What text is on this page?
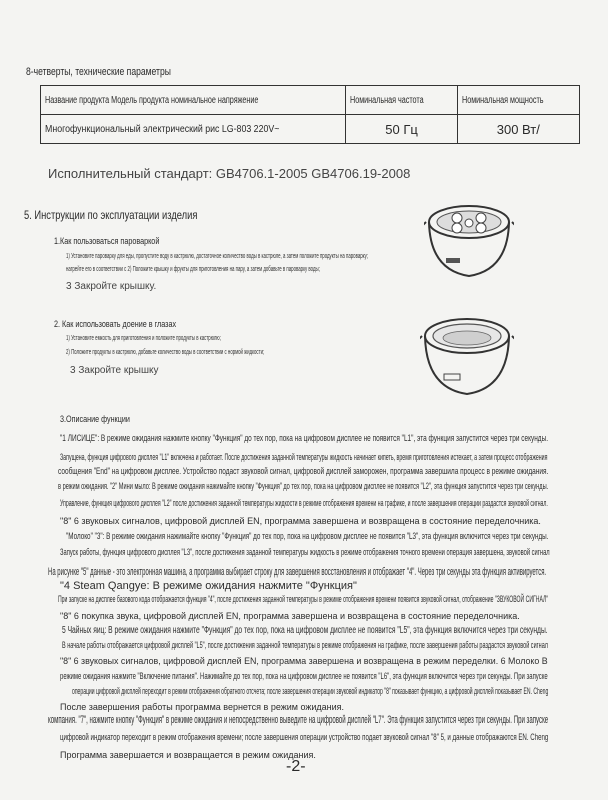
8-четверты, технические параметры
Название продукта Модель продукта номинальное напряжение	Номинальная частота	Номинальная мощность
Многофункциональный электрический рис LG-803 220V~	50 Гц	300 Вт/
Исполнительный стандарт: GB4706.1-2005 GB4706.19-2008
5. Инструкции по эксплуатации изделия
1.Как пользоваться пароваркой
1) Установите пароварку для еды, пропустите воду в кастрюлю, достаточное количество воды в кастрюле, а затем положите продукты на пароварку;
нагрейте его в соответствии с 2) Положите крышку и фрукты для приготовления на пару, а затем добавьте в пароварку воды;
3 Закройте крышку.
2. Как использовать доение в глазах
1) Установите емкость для приготовления и положите продукты в кастрюлю;
2) Положите продукты в кастрюлю, добавьте количество воды в соответствии с нормой жидкости;
3 Закройте крышку
3.Описание функции
"1 ЛИСИЦЕ": В режиме ожидания нажмите кнопку "Функция" до тех пор, пока на цифровом дисплее не появится "L1", эта функция запустится через три секунды.
Запущена, функция цифрового дисплея "L1" включена и работает. После достижения заданной температуры жидкость начинает кипеть, время приготовления истекает, а затем процесс отображения
сообщения "End" на цифровом дисплее. Устройство подаст звуковой сигнал, цифровой дисплей заморожен, программа завершила процесс в режиме ожидания.
в режим ожидания. "2" Мини мыло: В режиме ожидания нажимайте кнопку "Функция" до тех пор, пока на цифровом дисплее не появится "L2", эта функция запустится через три секунды.
Управление, функция цифрового дисплея "L2" после достижения заданной температуры жидкости в режиме отображения времени на графике, и после завершения операции раздастся звуковой сигнал.
"8" 6 звуковых сигналов, цифровой дисплей EN, программа завершена и возвращена в состояние переделочника.
"Молоко" "3": В режиме ожидания нажимайте кнопку "Функция" до тех пор, пока на цифровом дисплее не появится "L3", эта функция включится через три секунды.
Запуск работы, функция цифрового дисплея "L3", после достижения заданной температуры жидкость в режиме отображения точного времени операция завершена, звуковой сигнал
На рисунке "5" данные - это электронная машина, а программа выбирает строку для завершения восстановления и отображает "4". Через три секунды эта функция активируется.
"4 Steam Qangye: В режиме ожидания нажмите "Функция"
При запуске на дисплее базового кода отображается функция "4", после достижения заданной температуры в режиме отображения времени появится звуковой сигнал, отображение "ЗВУКОВОЙ СИГНАЛ"
"8" 6 покупка звука, цифровой дисплей EN, программа завершена и возвращена в состояние переделочника.
5 Чайных яиц: В режиме ожидания нажмите "Функция" до тех пор, пока на цифровом дисплее не появится "L5", эта функция включится через три секунды.
В начале работы отображается цифровой дисплей "L5", после достижения заданной температуры в режиме отображения на графике, после завершения работы раздастся звуковой сигнал
"8" 6 звуковых сигналов, цифровой дисплей EN, программа завершена и возвращена в режим переделки. 6 Молоко B
режиме ожидания нажмите "Включение питания". Нажимайте до тех пор, пока на цифровом дисплее не появится "L6", эта функция включится через три секунды. При запуске
операции цифровой дисплей переходит в режим отображения обратного отсчета; после завершения операции звуковой индикатор "8" показывает функцию, а цифровой дисплей показывает EN. Cheng
После завершения работы программа вернется в режим ожидания.
компания. "7", нажмите кнопку "Функция" в режиме ожидания и непосредственно выведите на цифровой дисплей "L7". Эта функция запустится через три секунды. При запуске
цифровой индикатор переходит в режим отображения времени; после завершения операции устройство подает звуковой сигнал "8" 5, и данные отображаются EN. Cheng
Программа завершается и возвращается в режим ожидания.
-2-
